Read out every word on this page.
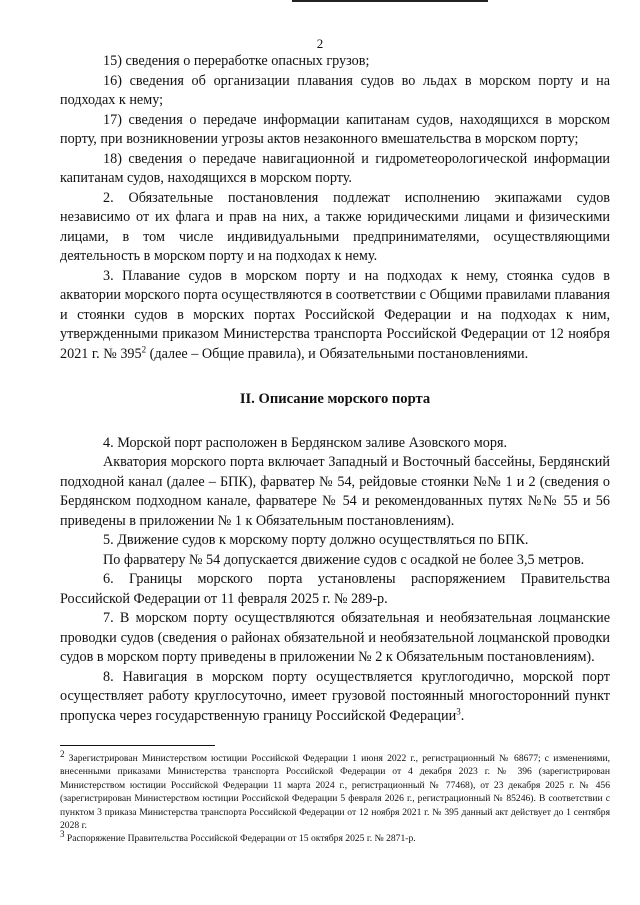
2

15) сведения о переработке опасных грузов;

16) сведения об организации плавания судов во льдах в морском порту и на подходах к нему;

17) сведения о передаче информации капитанам судов, находящихся в морском порту, при возникновении угрозы актов незаконного вмешательства в морском порту;

18) сведения о передаче навигационной и гидрометеорологической информации капитанам судов, находящихся в морском порту.

2. Обязательные постановления подлежат исполнению экипажами судов независимо от их флага и прав на них, а также юридическими лицами и физическими лицами, в том числе индивидуальными предпринимателями, осуществляющими деятельность в морском порту и на подходах к нему.

3. Плавание судов в морском порту и на подходах к нему, стоянка судов в акватории морского порта осуществляются в соответствии с Общими правилами плавания и стоянки судов в морских портах Российской Федерации и на подходах к ним, утвержденными приказом Министерства транспорта Российской Федерации от 12 ноября 2021 г. № $395^2$ (далее – Общие правила), и Обязательными постановлениями.

II. Описание морского порта

4. Морской порт расположен в Бердянском заливе Азовского моря.

Акватория морского порта включает Западный и Восточный бассейны, Бердянский подходной канал (далее – БПК), фарватер № 54, рейдовые стоянки №№ 1 и 2 (сведения о Бердянском подходном канале, фарватере № 54 и рекомендованных путях №№ 55 и 56 приведены в приложении № 1 к Обязательным постановлениям).

5. Движение судов к морскому порту должно осуществляться по БПК.

По фарватеру № 54 допускается движение судов с осадкой не более 3,5 метров.

6. Границы морского порта установлены распоряжением Правительства Российской Федерации от 11 февраля 2025 г. № 289-р.

7. В морском порту осуществляются обязательная и необязательная лоцманские проводки судов (сведения о районах обязательной и необязательной лоцманской проводки судов в морском порту приведены в приложении № 2 к Обязательным постановлениям).

8. Навигация в морском порту осуществляется круглогодично, морской порт осуществляет работу круглосуточно, имеет грузовой постоянный многосторонний пункт пропуска через государственную границу Российской Федерации$^3$.

$^2$ Зарегистрирован Министерством юстиции Российской Федерации 1 июня 2022 г., регистрационный № 68677; с изменениями, внесенными приказами Министерства транспорта Российской Федерации от 4 декабря 2023 г. № 396 (зарегистрирован Министерством юстиции Российской Федерации 11 марта 2024 г., регистрационный № 77468), от 23 декабря 2025 г. № 456 (зарегистрирован Министерством юстиции Российской Федерации 5 февраля 2026 г., регистрационный № 85246). В соответствии с пунктом 3 приказа Министерства транспорта Российской Федерации от 12 ноября 2021 г. № 395 данный акт действует до 1 сентября 2028 г.

$^3$ Распоряжение Правительства Российской Федерации от 15 октября 2025 г. № 2871-р.
